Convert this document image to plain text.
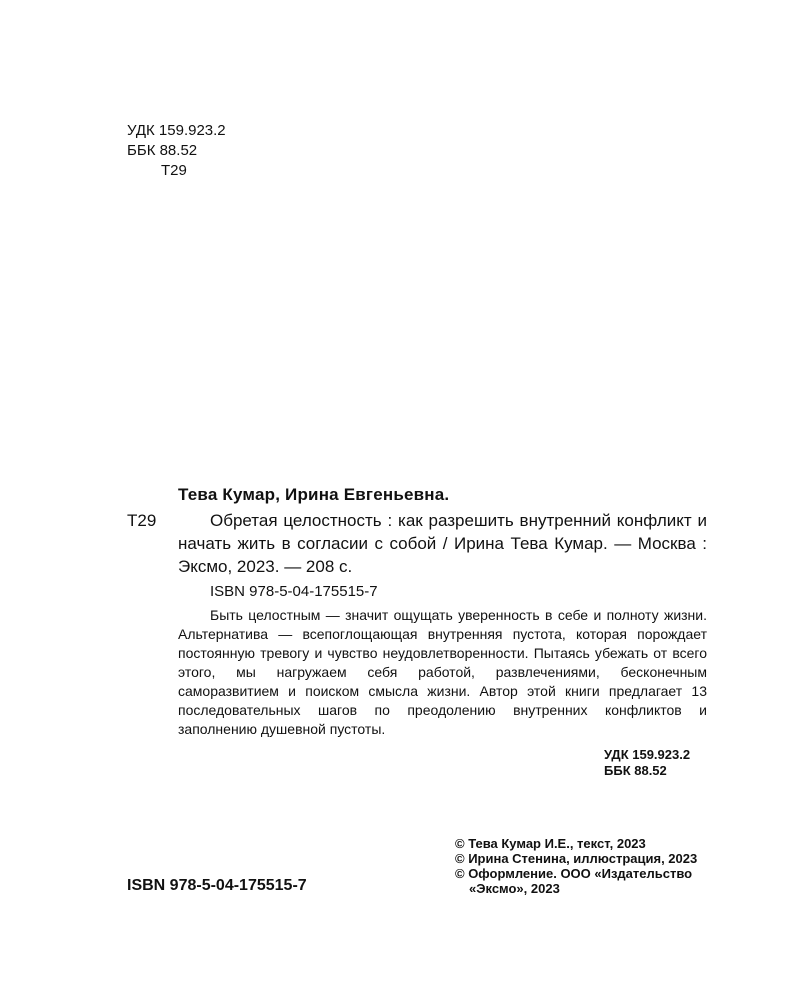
УДК 159.923.2
ББК 88.52
Т29

Тева Кумар, Ирина Евгеньевна.

Т29	Обретая целостность : как разрешить внутренний конфликт и начать жить в согласии с собой / Ирина Тева Кумар. — Москва : Эксмо, 2023. — 208 с.

ISBN 978-5-04-175515-7

Быть целостным — значит ощущать уверенность в себе и полноту жизни. Альтернатива — всепоглощающая внутренняя пустота, которая порождает постоянную тревогу и чувство неудовлетворенности. Пытаясь убежать от всего этого, мы нагружаем себя работой, развлечениями, бесконечным саморазвитием и поиском смысла жизни. Автор этой книги предлагает 13 последовательных шагов по преодолению внутренних конфликтов и заполнению душевной пустоты.

УДК 159.923.2
ББК 88.52

ISBN 978-5-04-175515-7

© Тева Кумар И.Е., текст, 2023
© Ирина Стенина, иллюстрация, 2023
© Оформление. ООО «Издательство
«Эксмо», 2023
